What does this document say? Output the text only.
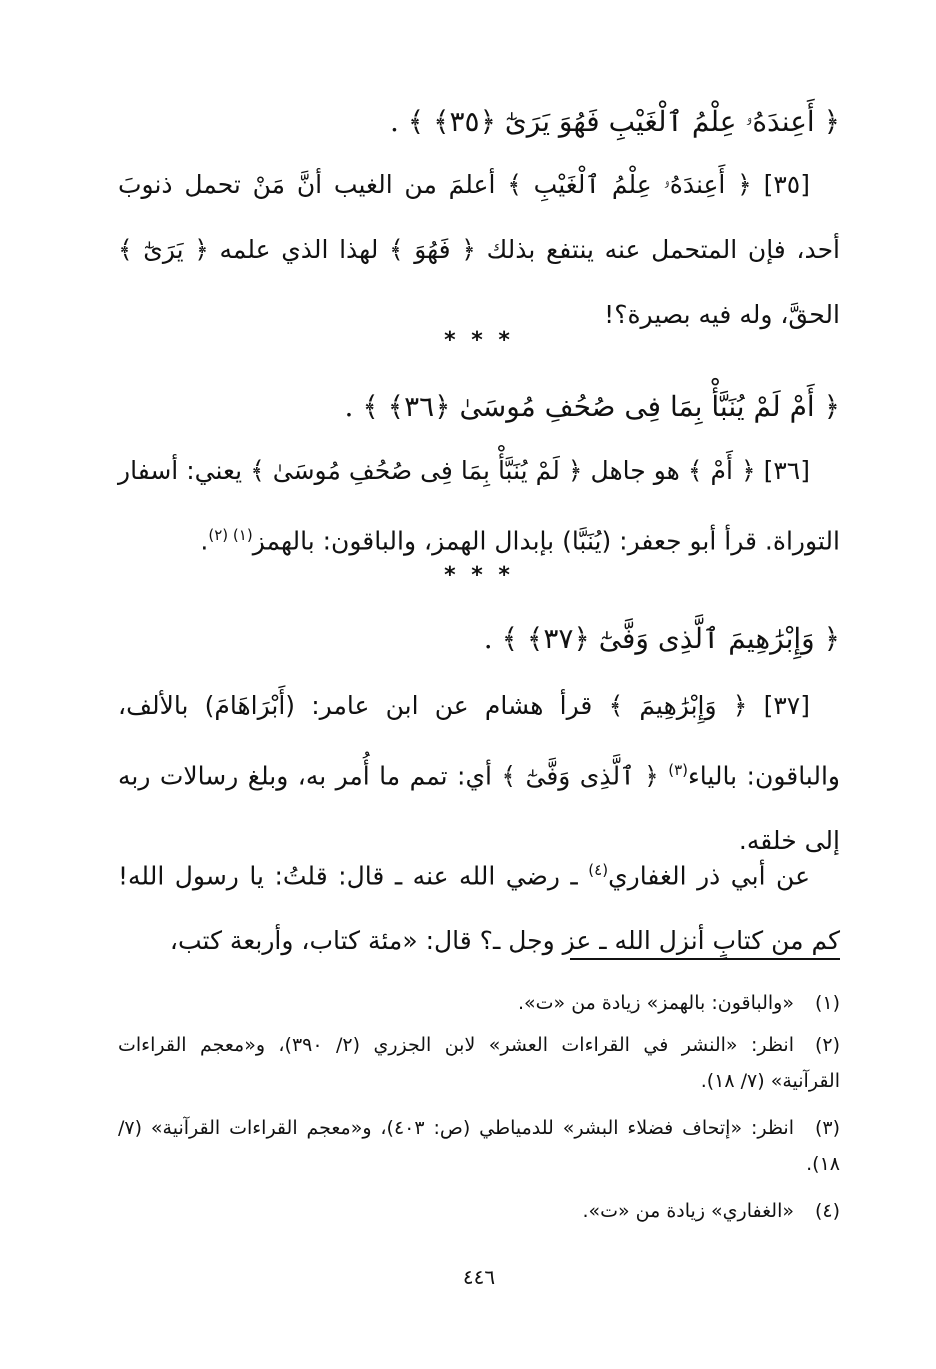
﴿ أَعِندَهُۥ عِلْمُ ٱلْغَيْبِ فَهُوَ يَرَىٰٓ ﴿٣٥﴾ ﴾ .
[٣٥] ﴿ أَعِندَهُۥ عِلْمُ ٱلْغَيْبِ ﴾ أعلمَ من الغيب أنَّ مَنْ تحمل ذنوبَ أحد، فإن المتحمل عنه ينتفع بذلك ﴿ فَهُوَ ﴾ لهذا الذي علمه ﴿ يَرَىٰٓ ﴾ الحقَّ، وله فيه بصيرة؟!
* * *
﴿ أَمْ لَمْ يُنَبَّأْ بِمَا فِى صُحُفِ مُوسَىٰ ﴿٣٦﴾ ﴾ .
[٣٦] ﴿ أَمْ ﴾ هو جاهل ﴿ لَمْ يُنَبَّأْ بِمَا فِى صُحُفِ مُوسَىٰ ﴾ يعني: أسفار التوراة. قرأ أبو جعفر: (يُنَبَّا) بإبدال الهمز، والباقون: بالهمز$^{(١) (٢)}$.
* * *
﴿ وَإِبْرَٰهِيمَ ٱلَّذِى وَفَّىٰٓ ﴿٣٧﴾ ﴾ .
[٣٧] ﴿ وَإِبْرَٰهِيمَ ﴾ قرأ هشام عن ابن عامر: (أَبْرَاهَامَ) بالألف، والباقون: بالياء$^{(٣)}$ ﴿ ٱلَّذِى وَفَّىٰٓ ﴾ أي: تمم ما أُمر به، وبلغ رسالات ربه إلى خلقه.
عن أبي ذر الغفاري$^{(٤)}$ ـ رضي الله عنه ـ قال: قلتُ: يا رسول الله! كم من كتابٍ أنزل الله ـ عز وجل ـ؟ قال: «مئة كتاب، وأربعة كتب،
(١)«والباقون: بالهمز» زيادة من «ت».
(٢)انظر: «النشر في القراءات العشر» لابن الجزري (٢/ ٣٩٠)، و«معجم القراءات القرآنية» (٧/ ١٨).
(٣)انظر: «إتحاف فضلاء البشر» للدمياطي (ص: ٤٠٣)، و«معجم القراءات القرآنية» (٧/ ١٨).
(٤)«الغفاري» زيادة من «ت».
٤٤٦
